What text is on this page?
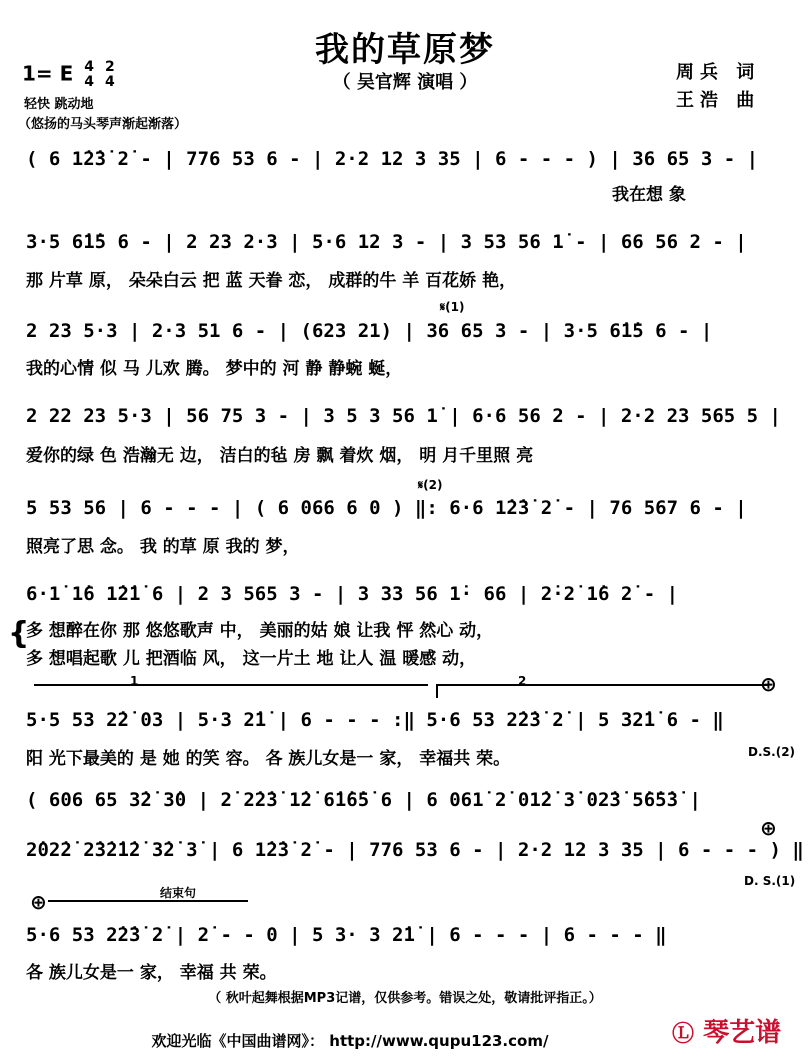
我的草原梦
（ 吴官辉 演唱 ）	周兵 词
王浩 曲
1= E 4
4

2
4
轻快 跳动地
（悠扬的马头琴声渐起渐落）
( 6 1̇2̇3̇ 2̇ - | 776 53 6 - | 2·2 12 3 35 | 6 - - - ) | 36 65 3 - |
我在想 象
3·5 6̇1̇5 6 - | 2 23 2·3 | 5·6 12 3 - | 3 53 56 1̇ - | 66 56 2 - |
那 片草 原， 朵朵白云 把 蓝 天眷 恋， 成群的牛 羊 百花娇 艳，
𝄋(1)
2 23 5·3 | 2·3 51 6 - | (623 21) | 36 65 3 - | 3·5 6̇1̇5 6 - |
我的心情 似 马 儿欢 腾。 梦中的 河 静 静蜿 蜒，
2 22 23 5·3 | 56 75 3 - | 3 5 3 56 1̇ | 6·6 56 2 - | 2·2 23 565 5 |
爱你的绿 色 浩瀚无 边， 洁白的毡 房 飘 着炊 烟， 明 月千里照 亮
𝄋(2)
5 53 56 | 6 - - - | ( 6 066 6 0 ) ‖: 6·6 1̇2̇3̇ 2̇ - | 76 567 6 - |
照亮了思 念。 我 的草 原 我的 梦，
6·1̇ 1̇6 1̇2̇1̇ 6 | 2 3 565 3 - | 3 33 56 1̇· 66 | 2̇·2̇ 1̇6 2̇ - |
{
多 想醉在你 那 悠悠歌声 中， 美丽的姑 娘 让我 怦 然心 动，
多 想唱起歌 儿 把酒临 风， 这一片土 地 让人 温 暖感 动，
1	2	⊕
5·5 53 2̇2̇ 03 | 5·3 2̇1̇ | 6 - - - :‖ 5·6 53 2̇2̇3̇ 2̇ | 5 32̇1̇ 6 - ‖
阳 光下最美的 是 她 的笑 容。 各 族儿女是一 家， 幸福共 荣。	D.S.(2)
( 606 65 3̇2̇ 3̇0 | 2̇ 2̇2̇3̇ 1̇2̇ 6̇1̇6̇5̇ 6 | 6 061̇ 2̇ 01̇2̇ 3̇ 02̇3̇ 5̇6̇5̇3̇ |
⊕
2̇02̇2̇ 2̇3̇2̇1̇2̇ 3̇2̇ 3̇ | 6 1̇2̇3̇ 2̇ - | 776 53 6 - | 2·2 12 3 35 | 6 - - - ) ‖
D. S.(1)
⊕	结束句
5·6 53 2̇2̇3̇ 2̇ | 2̇ - - 0 | 5 3· 3 2̇1̇ | 6 - - - | 6 - - - ‖
各 族儿女是一 家， 幸福 共 荣。
（ 秋叶起舞根据MP3记谱，仅供参考。错误之处，敬请批评指正。）
欢迎光临《中国曲谱网》： http://www.qupu123.com/	Ⓛ 琴艺谱
